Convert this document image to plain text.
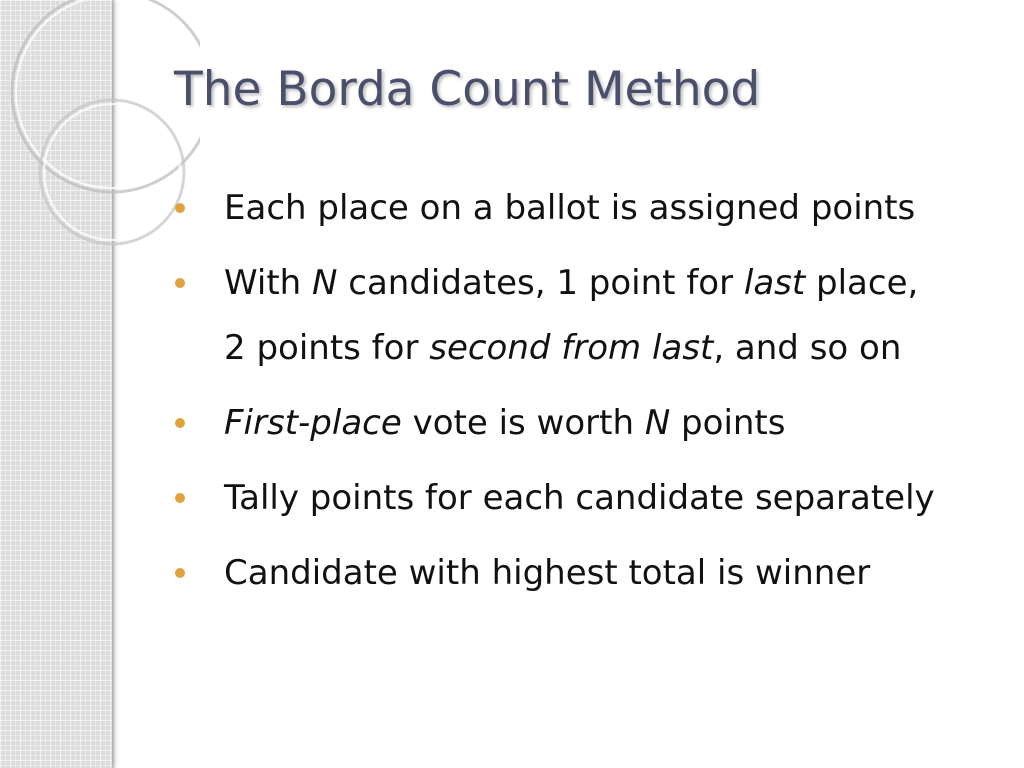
The Borda Count Method
Each place on a ballot is assigned points
With N candidates, 1 point for last place,
2 points for second from last, and so on
First-place vote is worth N points
Tally points for each candidate separately
Candidate with highest total is winner
